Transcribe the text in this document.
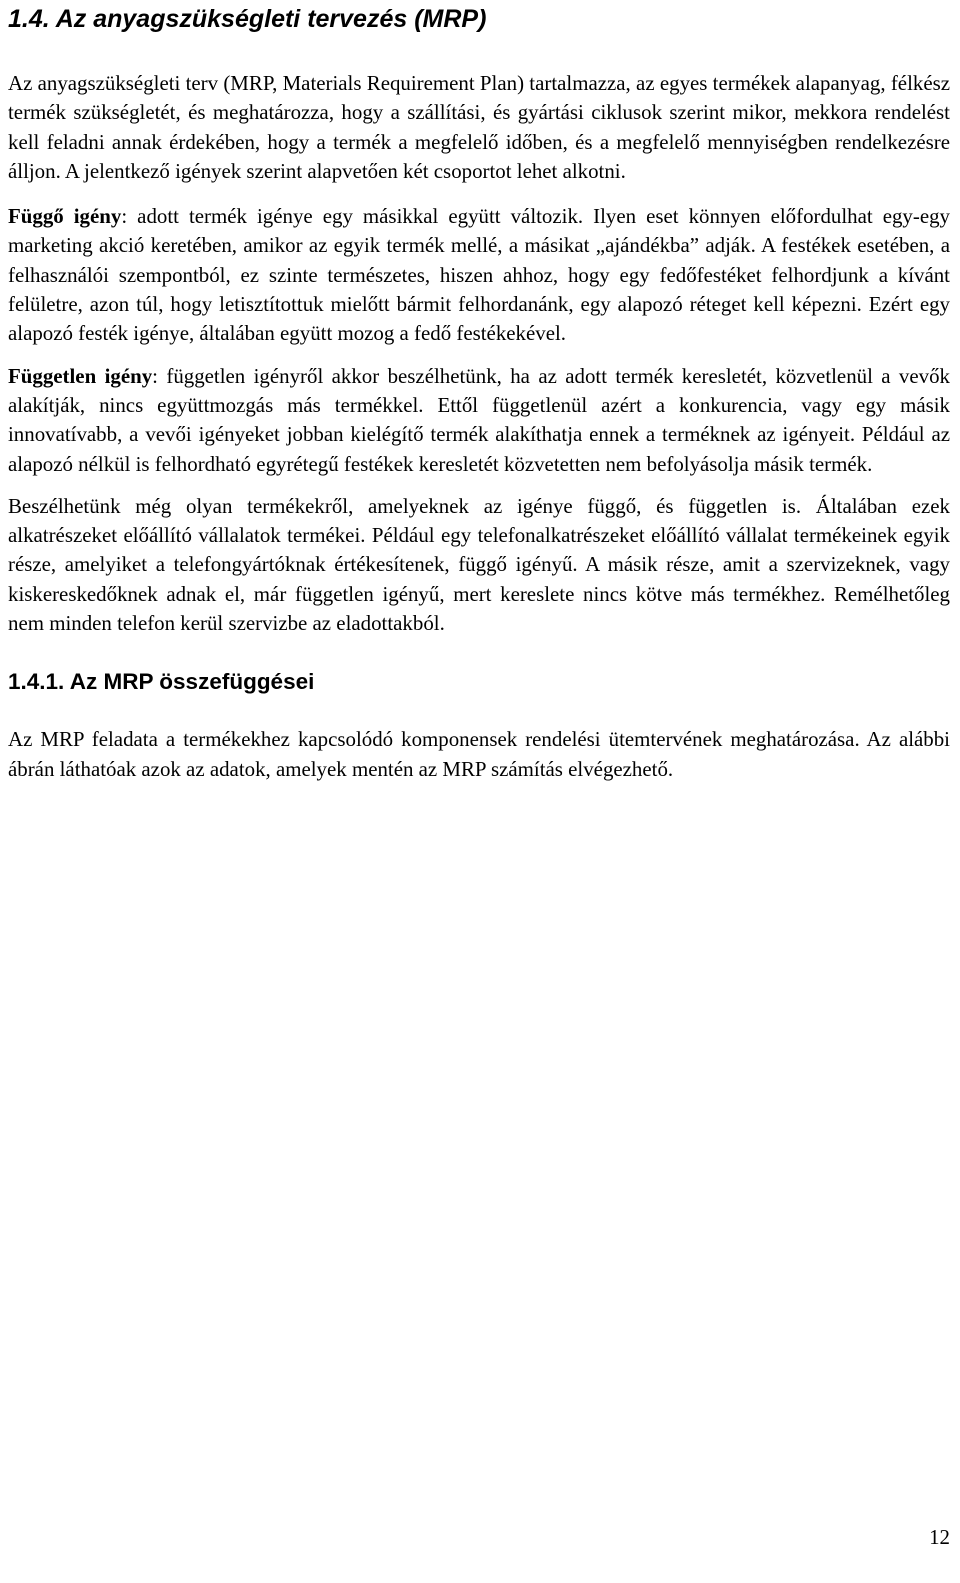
1.4. Az anyagszükségleti tervezés (MRP)

Az anyagszükségleti terv (MRP, Materials Requirement Plan) tartalmazza, az egyes termékek alapanyag, félkész termék szükségletét, és meghatározza, hogy a szállítási, és gyártási ciklusok szerint mikor, mekkora rendelést kell feladni annak érdekében, hogy a termék a megfelelő időben, és a megfelelő mennyiségben rendelkezésre álljon. A jelentkező igények szerint alapvetően két csoportot lehet alkotni.

Függő igény: adott termék igénye egy másikkal együtt változik. Ilyen eset könnyen előfordulhat egy-egy marketing akció keretében, amikor az egyik termék mellé, a másikat „ajándékba” adják. A festékek esetében, a felhasználói szempontból, ez szinte természetes, hiszen ahhoz, hogy egy fedőfestéket felhordjunk a kívánt felületre, azon túl, hogy letisztítottuk mielőtt bármit felhordanánk, egy alapozó réteget kell képezni. Ezért egy alapozó festék igénye, általában együtt mozog a fedő festékekével.

Független igény: független igényről akkor beszélhetünk, ha az adott termék keresletét, közvetlenül a vevők alakítják, nincs együttmozgás más termékkel. Ettől függetlenül azért a konkurencia, vagy egy másik innovatívabb, a vevői igényeket jobban kielégítő termék alakíthatja ennek a terméknek az igényeit. Például az alapozó nélkül is felhordható egyrétegű festékek keresletét közvetetten nem befolyásolja másik termék.

Beszélhetünk még olyan termékekről, amelyeknek az igénye függő, és független is. Általában ezek alkatrészeket előállító vállalatok termékei. Például egy telefonalkatrészeket előállító vállalat termékeinek egyik része, amelyiket a telefongyártóknak értékesítenek, függő igényű. A másik része, amit a szervizeknek, vagy kiskereskedőknek adnak el, már független igényű, mert kereslete nincs kötve más termékhez. Remélhetőleg nem minden telefon kerül szervizbe az eladottakból.

1.4.1. Az MRP összefüggései

Az MRP feladata a termékekhez kapcsolódó komponensek rendelési ütemtervének meghatározása. Az alábbi ábrán láthatóak azok az adatok, amelyek mentén az MRP számítás elvégezhető.

12
